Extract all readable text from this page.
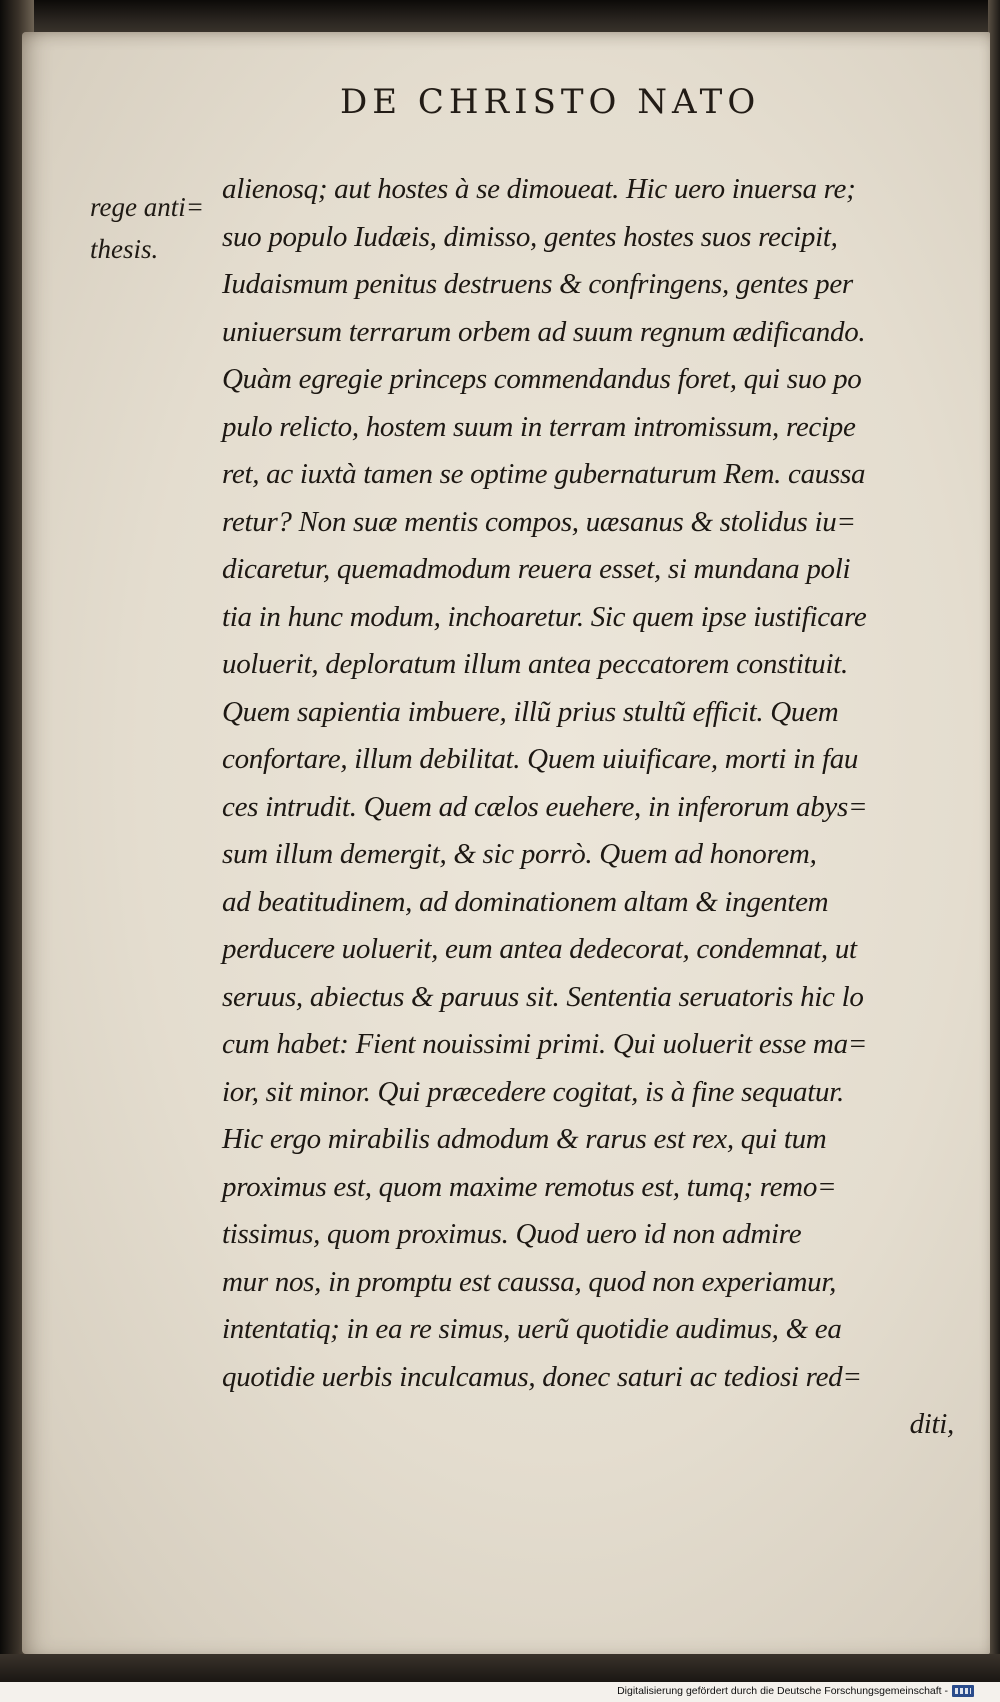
DE CHRISTO NATO
rege anti=
thesis.
alienosq; aut hostes à se dimoueat. Hic uero inuersa re;
suo populo Iudæis, dimisso, gentes hostes suos recipit,
Iudaismum penitus destruens & confringens, gentes per
uniuersum terrarum orbem ad suum regnum ædificando.
Quàm egregie princeps commendandus foret, qui suo po
pulo relicto, hostem suum in terram intromissum, recipe
ret, ac iuxtà tamen se optime gubernaturum Rem. caussa
retur? Non suæ mentis compos, uæsanus & stolidus iu=
dicaretur, quemadmodum reuera esset, si mundana poli
tia in hunc modum, inchoaretur. Sic quem ipse iustificare
uoluerit, deploratum illum antea peccatorem constituit.
Quem sapientia imbuere, illũ prius stultũ efficit. Quem
confortare, illum debilitat. Quem uiuificare, morti in fau
ces intrudit. Quem ad cælos euehere, in inferorum abys=
sum illum demergit, & sic porrò. Quem ad honorem,
ad beatitudinem, ad dominationem altam & ingentem
perducere uoluerit, eum antea dedecorat, condemnat, ut
seruus, abiectus & paruus sit. Sententia seruatoris hic lo
cum habet: Fient nouissimi primi. Qui uoluerit esse ma=
ior, sit minor. Qui præcedere cogitat, is à fine sequatur.
Hic ergo mirabilis admodum & rarus est rex, qui tum
proximus est, quom maxime remotus est, tumq; remo=
tissimus, quom proximus. Quod uero id non admire
mur nos, in promptu est caussa, quod non experiamur,
intentatiq; in ea re simus, uerũ quotidie audimus, & ea
quotidie uerbis inculcamus, donec saturi ac tediosi red=
diti,
Digitalisierung gefördert durch die Deutsche Forschungsgemeinschaft -
